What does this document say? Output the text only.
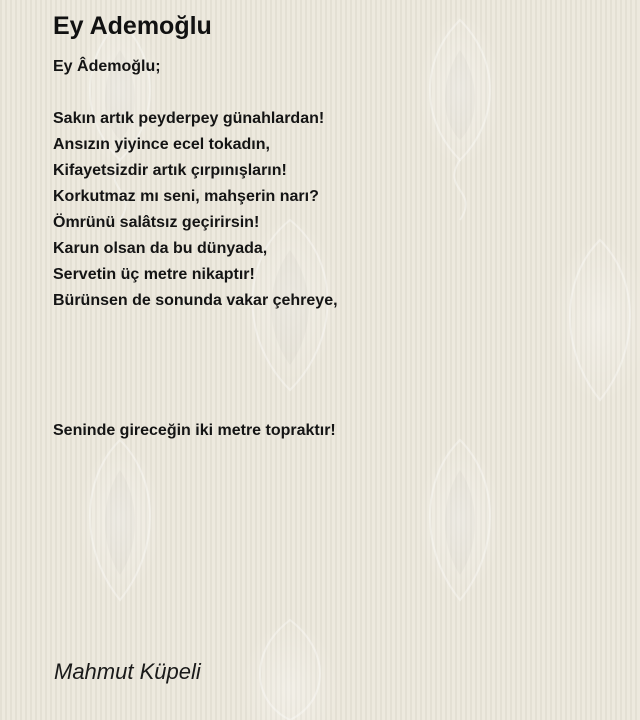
Ey Ademoğlu
Ey Âdemoğlu;
Sakın artık peyderpey günahlardan!
Ansızın yiyince ecel tokadın,
Kifayetsizdir artık çırpınışların!
Korkutmaz mı seni, mahşerin narı?
Ömrünü salâtsız geçirirsin!
Karun olsan da bu dünyada,
Servetin üç metre nikaptır!
Bürünsen de sonunda vakar çehreye,
Seninde gireceğin iki metre topraktır!

Mahmut Küpeli
